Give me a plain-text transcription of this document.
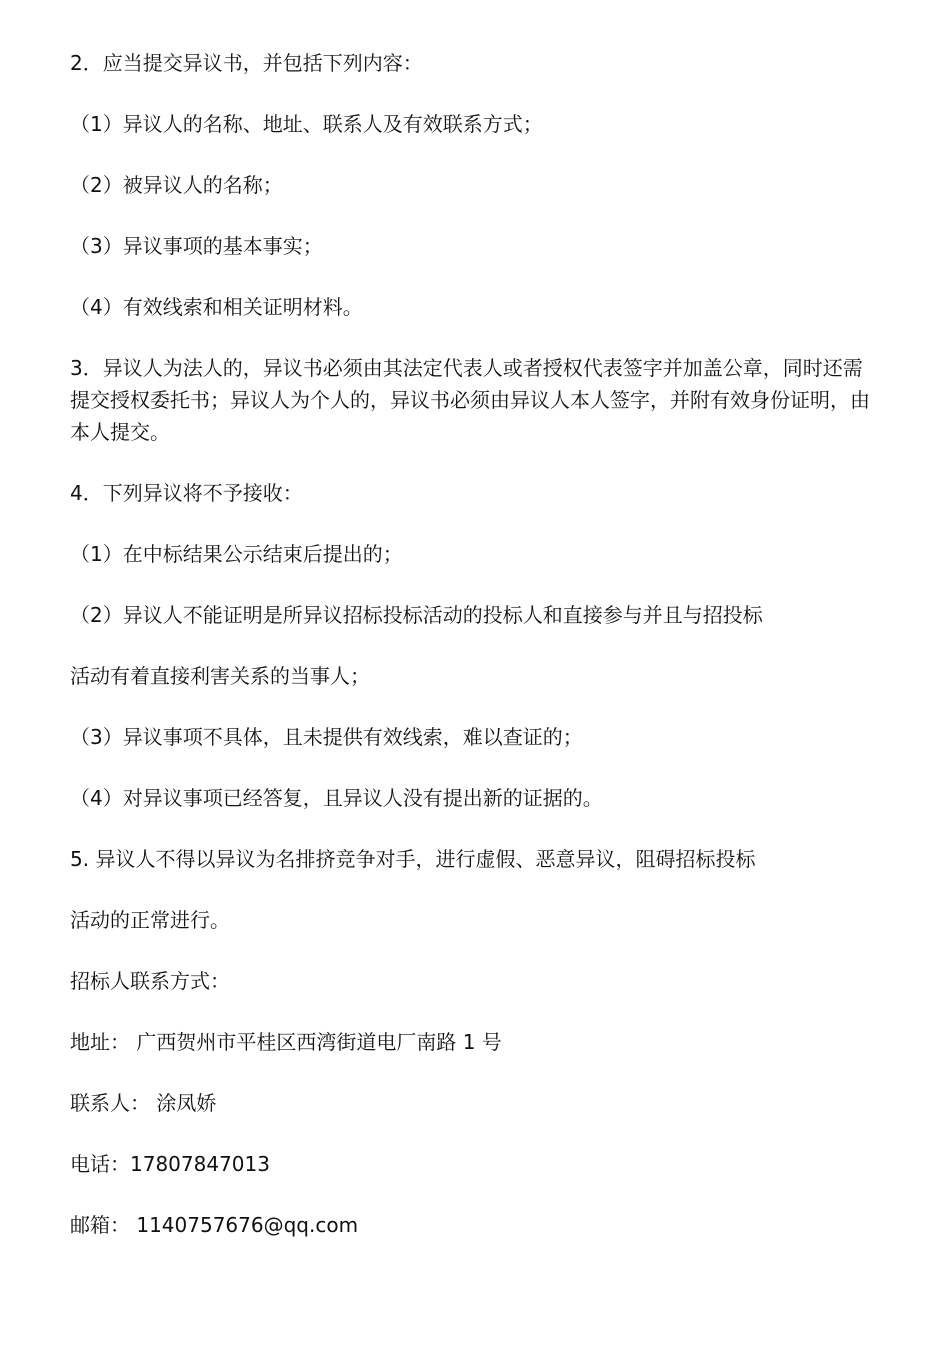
2．应当提交异议书，并包括下列内容：

（1）异议人的名称、地址、联系人及有效联系方式；

（2）被异议人的名称；

（3）异议事项的基本事实；

（4）有效线索和相关证明材料。

3．异议人为法人的，异议书必须由其法定代表人或者授权代表签字并加盖公章，同时还需提交授权委托书；异议人为个人的，异议书必须由异议人本人签字，并附有效身份证明，由本人提交。

4．下列异议将不予接收：

（1）在中标结果公示结束后提出的；

（2）异议人不能证明是所异议招标投标活动的投标人和直接参与并且与招投标

活动有着直接利害关系的当事人；

（3）异议事项不具体，且未提供有效线索，难以查证的；

（4）对异议事项已经答复，且异议人没有提出新的证据的。

5. 异议人不得以异议为名排挤竞争对手，进行虚假、恶意异议，阻碍招标投标

活动的正常进行。

招标人联系方式：

地址： 广西贺州市平桂区西湾街道电厂南路 1 号

联系人： 涂凤娇

电话：17807847013

邮箱： 1140757676@qq.com
